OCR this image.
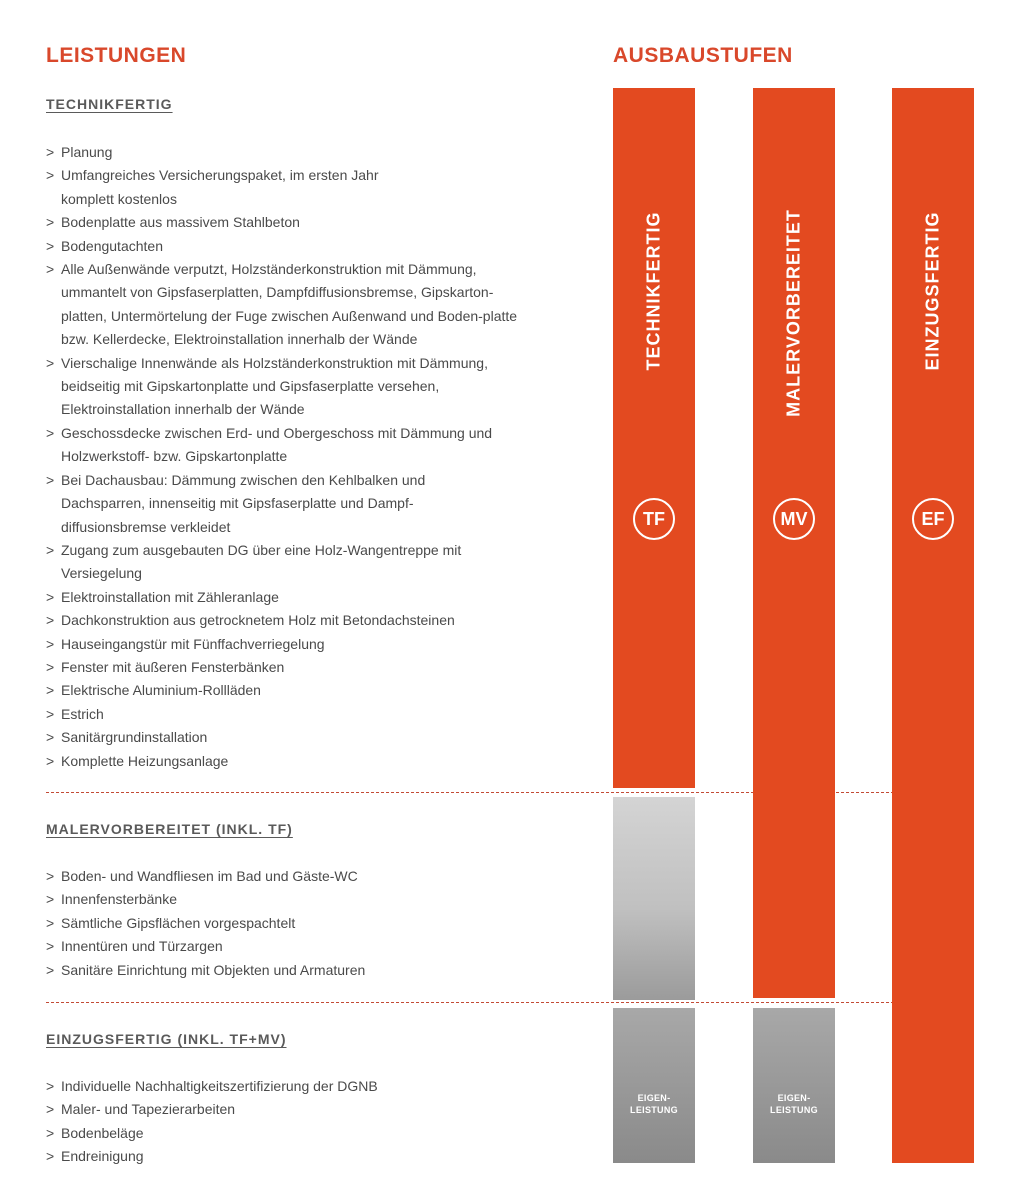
LEISTUNGEN	AUSBAUSTUFEN
TECHNIKFERTIG
> Planung
> Umfangreiches Versicherungspaket, im ersten Jahr komplett kostenlos
> Bodenplatte aus massivem Stahlbeton
> Bodengutachten
> Alle Außenwände verputzt, Holzständerkonstruktion mit Dämmung, ummantelt von Gipsfaserplatten, Dampfdiffusionsbremse, Gipskarton-platten, Untermörtelung der Fuge zwischen Außenwand und Boden-platte bzw. Kellerdecke, Elektroinstallation innerhalb der Wände
> Vierschalige Innenwände als Holzständerkonstruktion mit Dämmung, beidseitig mit Gipskartonplatte und Gipsfaserplatte versehen, Elektroinstallation innerhalb der Wände
> Geschossdecke zwischen Erd- und Obergeschoss mit Dämmung und Holzwerkstoff- bzw. Gipskartonplatte
> Bei Dachausbau: Dämmung zwischen den Kehlbalken und Dachsparren, innenseitig mit Gipsfaserplatte und Dampf-diffusionsbremse verkleidet
> Zugang zum ausgebauten DG über eine Holz-Wangentreppe mit Versiegelung
> Elektroinstallation mit Zähleranlage
> Dachkonstruktion aus getrocknetem Holz mit Betondachsteinen
> Hauseingangstür mit Fünffachverriegelung
> Fenster mit äußeren Fensterbänken
> Elektrische Aluminium-Rollläden
> Estrich
> Sanitärgrundinstallation
> Komplette Heizungsanlage
MALERVORBEREITET (INKL. TF)
> Boden- und Wandfliesen im Bad und Gäste-WC
> Innenfensterbänke
> Sämtliche Gipsflächen vorgespachtelt
> Innentüren und Türzargen
> Sanitäre Einrichtung mit Objekten und Armaturen
EINZUGSFERTIG (INKL. TF+MV)
> Individuelle Nachhaltigkeitszertifizierung der DGNB
> Maler- und Tapezierarbeiten
> Bodenbeläge
> Endreinigung
TECHNIKFERTIG
TF
EIGEN-
LEISTUNG
MALERVORBEREITET
MV
EIGEN-
LEISTUNG
EINZUGSFERTIG
EF
